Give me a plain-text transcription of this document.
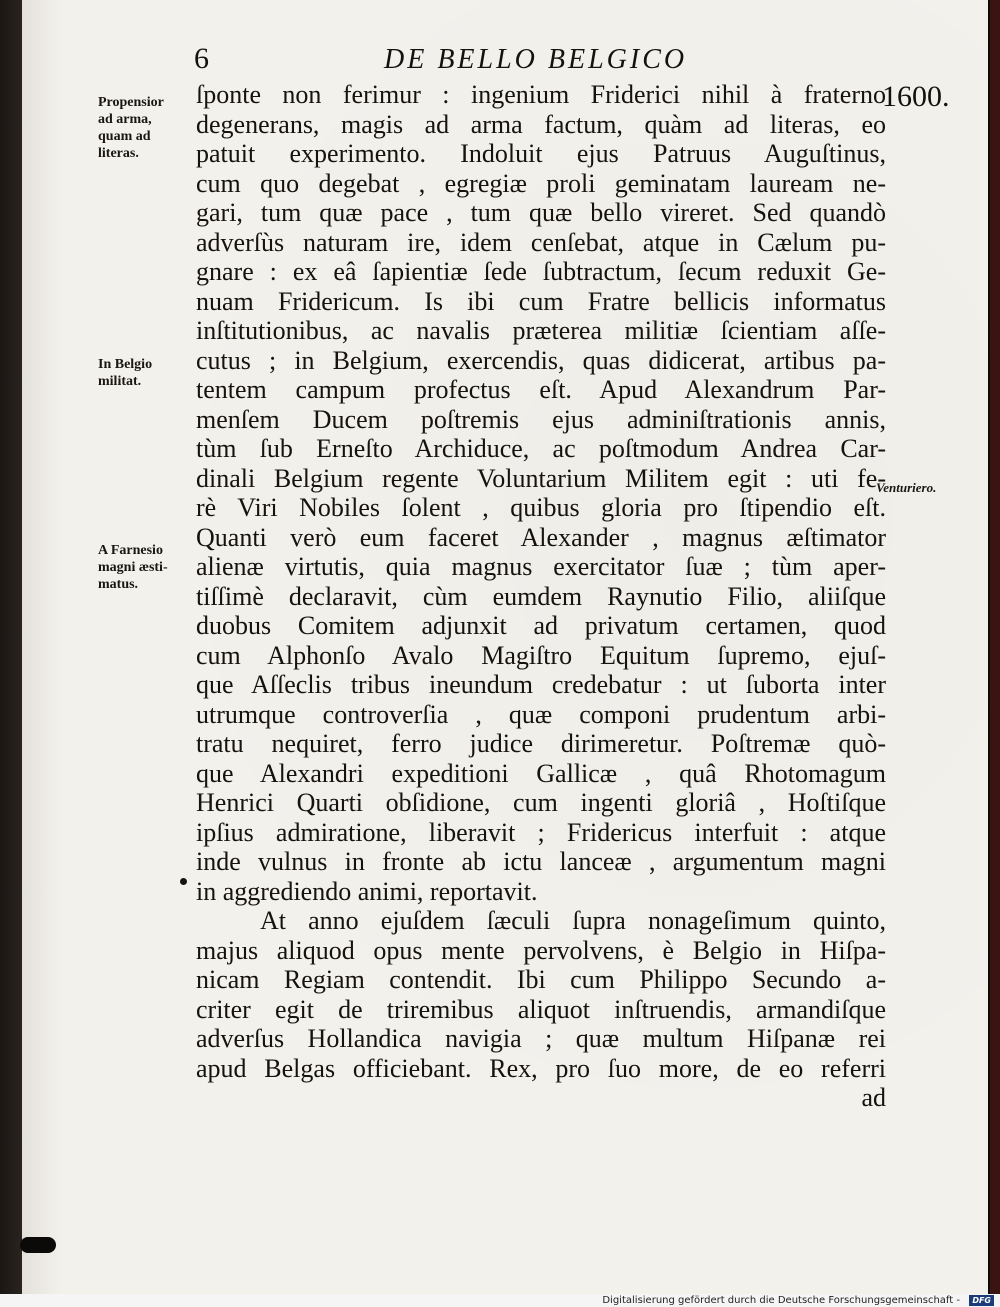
6	DE BELLO BELGICO
1600.
Propensior
ad arma,
quam ad
literas.
In Belgio
militat.
A Farnesio
magni æsti-
matus.
Venturiero.
ſponte non ferimur : ingenium Friderici nihil à fraterno
degenerans, magis ad arma factum, quàm ad literas, eo
patuit experimento. Indoluit ejus Patruus Auguſtinus,
cum quo degebat , egregiæ proli geminatam lauream ne-
gari, tum quæ pace , tum quæ bello vireret. Sed quandò
adverſùs naturam ire, idem cenſebat, atque in Cælum pu-
gnare : ex eâ ſapientiæ ſede ſubtractum, ſecum reduxit Ge-
nuam Fridericum. Is ibi cum Fratre bellicis informatus
inſtitutionibus, ac navalis præterea militiæ ſcientiam aſſe-
cutus ; in Belgium, exercendis, quas didicerat, artibus pa-
tentem campum profectus eſt. Apud Alexandrum Par-
menſem Ducem poſtremis ejus adminiſtrationis annis,
tùm ſub Erneſto Archiduce, ac poſtmodum Andrea Car-
dinali Belgium regente Voluntarium Militem egit : uti fe-
rè Viri Nobiles ſolent , quibus gloria pro ſtipendio eſt.
Quanti verò eum faceret Alexander , magnus æſtimator
alienæ virtutis, quia magnus exercitator ſuæ ; tùm aper-
tiſſimè declaravit, cùm eumdem Raynutio Filio, aliiſque
duobus Comitem adjunxit ad privatum certamen, quod
cum Alphonſo Avalo Magiſtro Equitum ſupremo, ejuſ-
que Aſſeclis tribus ineundum credebatur : ut ſuborta inter
utrumque controverſia , quæ componi prudentum arbi-
tratu nequiret, ferro judice dirimeretur. Poſtremæ quò-
que Alexandri expeditioni Gallicæ , quâ Rhotomagum
Henrici Quarti obſidione, cum ingenti gloriâ , Hoſtiſque
ipſius admiratione, liberavit ; Fridericus interfuit : atque
inde vulnus in fronte ab ictu lanceæ , argumentum magni
in aggrediendo animi, reportavit.
At anno ejuſdem ſæculi ſupra nonageſimum quinto,
majus aliquod opus mente pervolvens, è Belgio in Hiſpa-
nicam Regiam contendit. Ibi cum Philippo Secundo a-
criter egit de triremibus aliquot inſtruendis, armandiſque
adverſus Hollandica navigia ; quæ multum Hiſpanæ rei
apud Belgas officiebant. Rex, pro ſuo more, de eo referri
ad
Digitalisierung gefördert durch die Deutsche Forschungsgemeinschaft -	DFG
